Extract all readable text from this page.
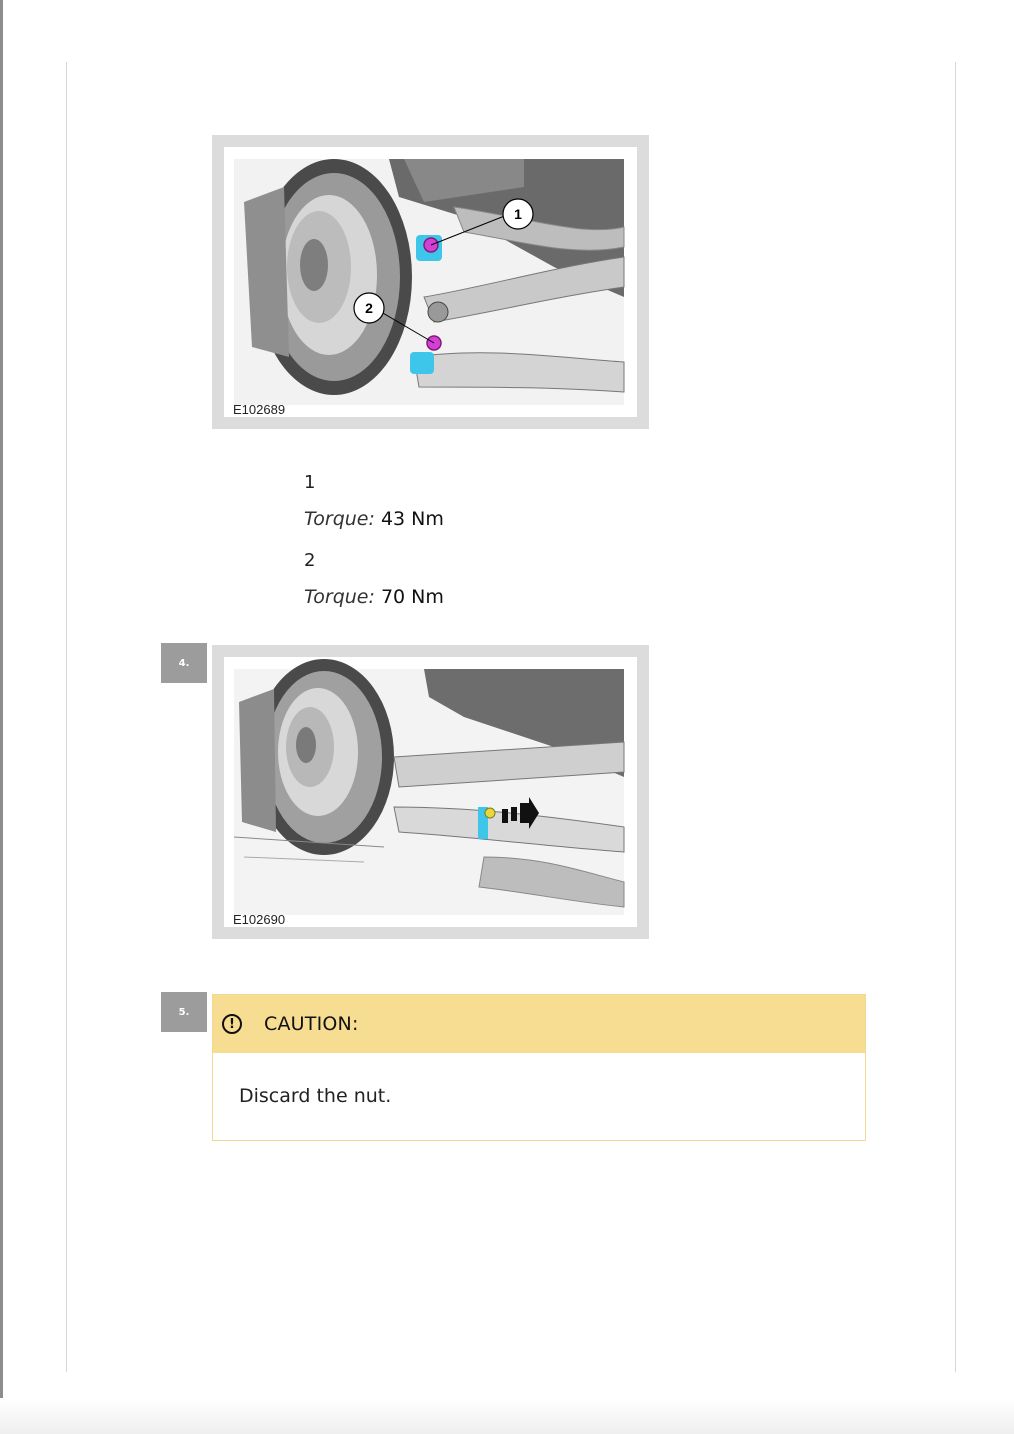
1
2
E102689
1
Torque: 43 Nm
2
Torque: 70 Nm
4.
E102690
5.
!	CAUTION:
Discard the nut.
